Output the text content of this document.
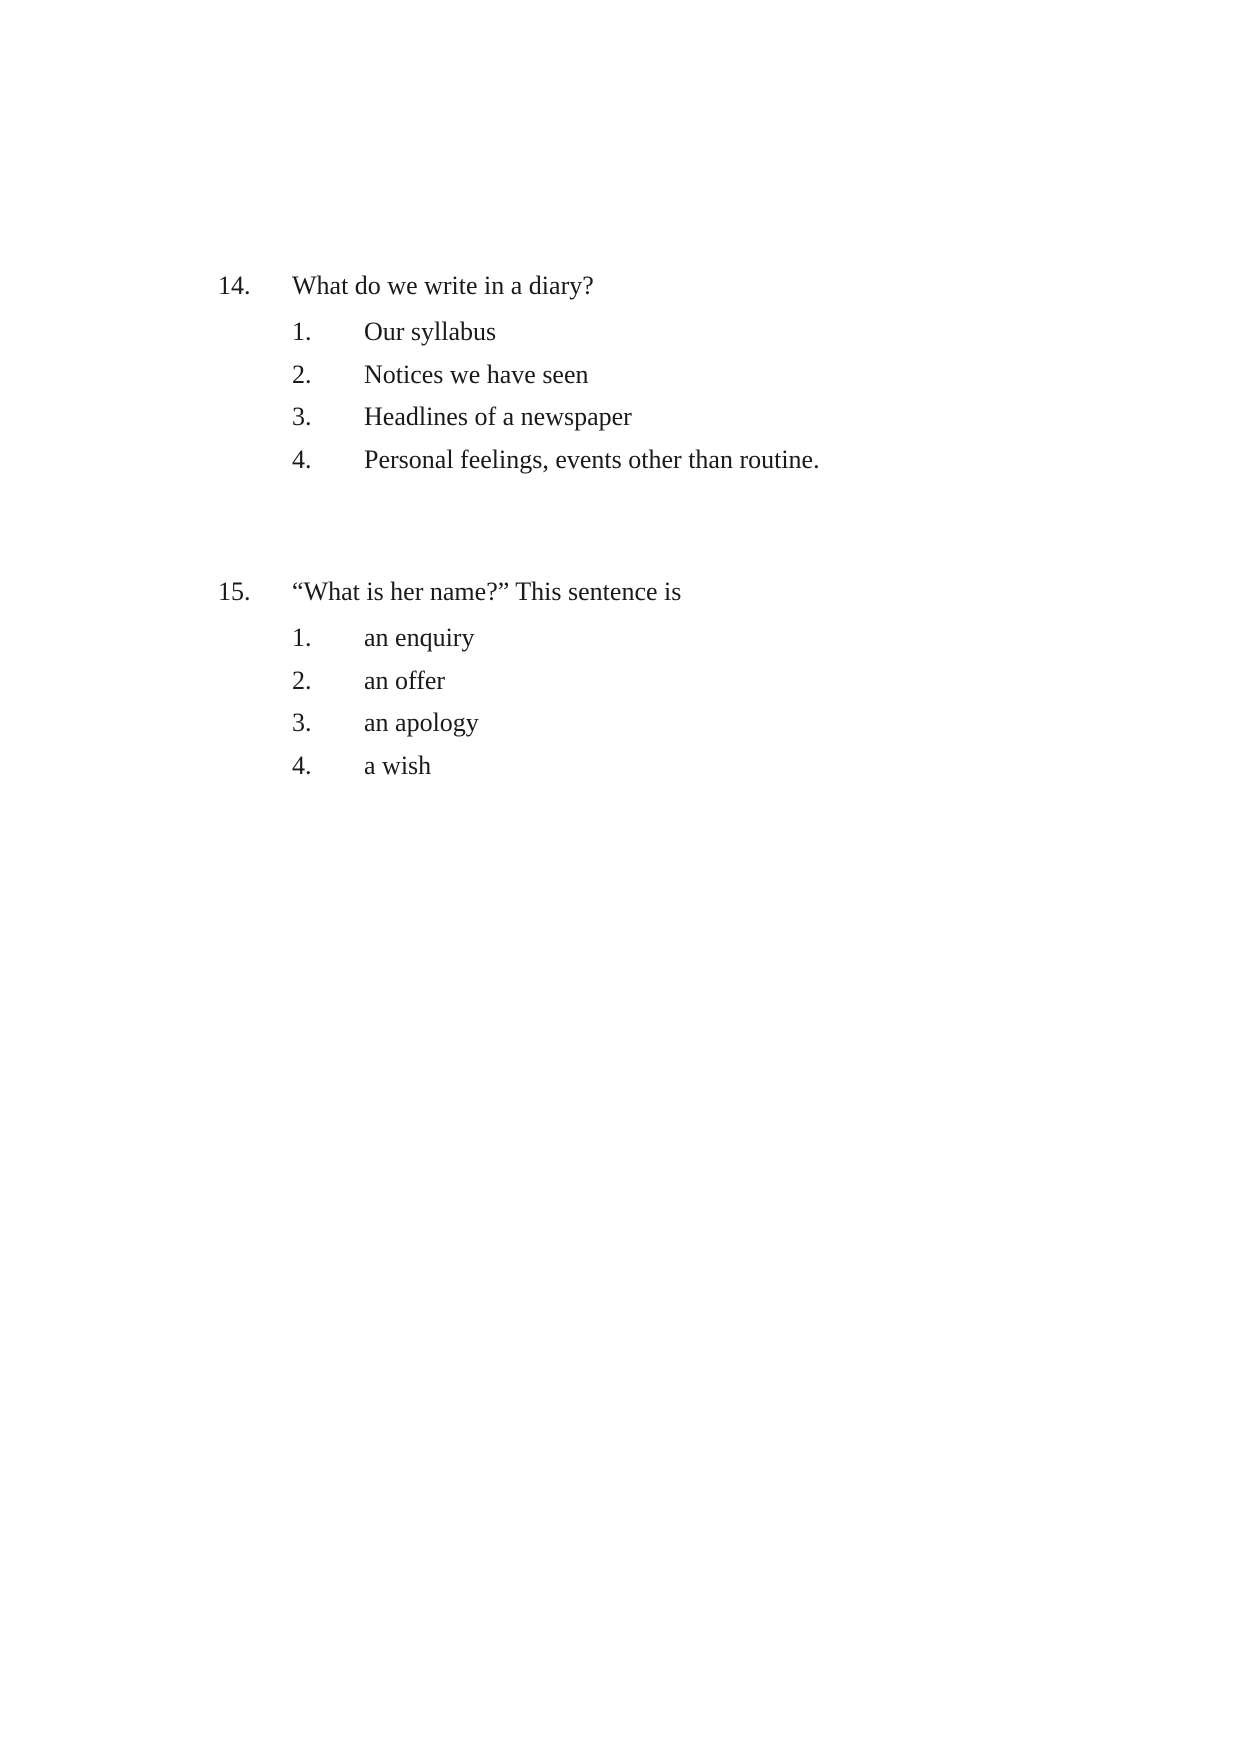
14.	What do we write in a diary?
1.	Our syllabus
2.	Notices we have seen
3.	Headlines of a newspaper
4.	Personal feelings, events other than routine.
15.	“What is her name?” This sentence is
1.	an enquiry
2.	an offer
3.	an apology
4.	a wish
